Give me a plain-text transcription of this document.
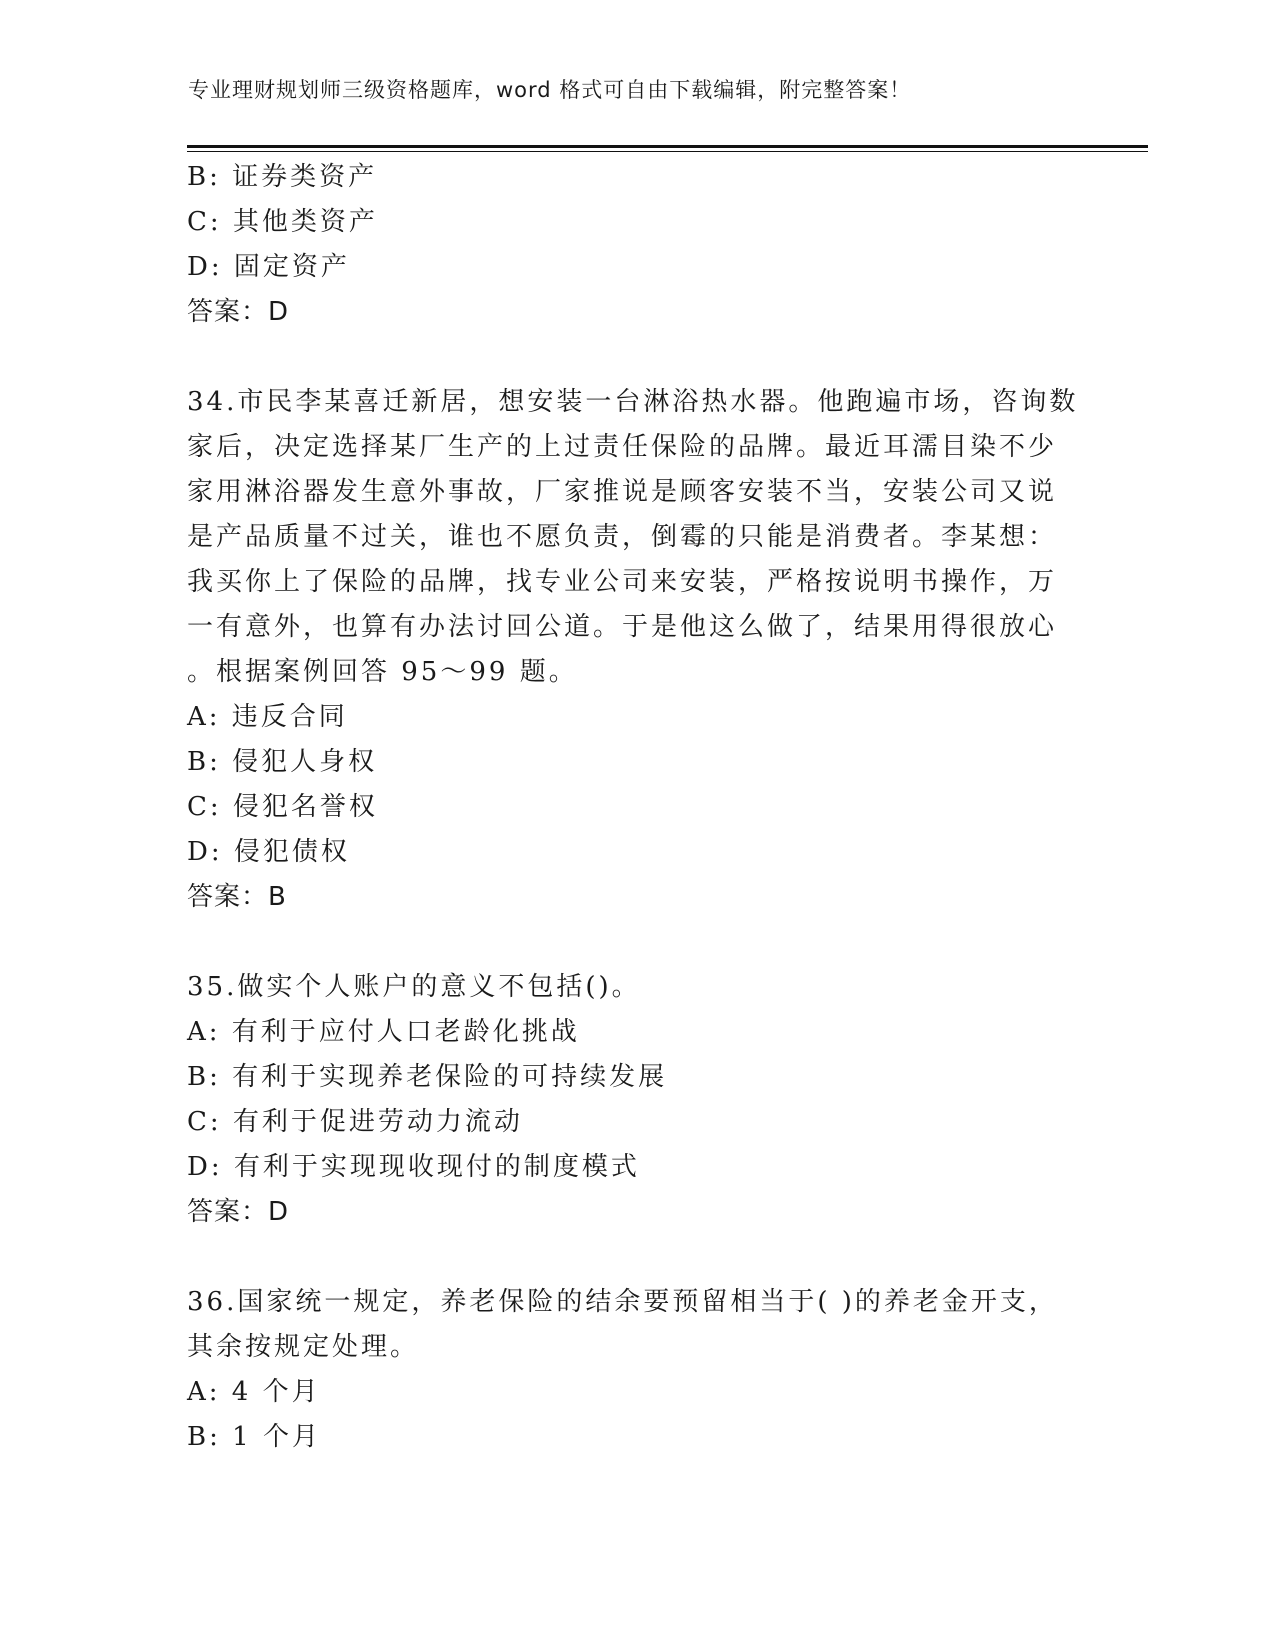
专业理财规划师三级资格题库，word 格式可自由下载编辑，附完整答案！
B: 证券类资产
C: 其他类资产
D: 固定资产
答案：D
34.市民李某喜迁新居，想安装一台淋浴热水器。他跑遍市场，咨询数
家后，决定选择某厂生产的上过责任保险的品牌。最近耳濡目染不少
家用淋浴器发生意外事故，厂家推说是顾客安装不当，安装公司又说
是产品质量不过关，谁也不愿负责，倒霉的只能是消费者。李某想：
我买你上了保险的品牌，找专业公司来安装，严格按说明书操作，万
一有意外，也算有办法讨回公道。于是他这么做了，结果用得很放心
。根据案例回答 95～99 题。
A: 违反合同
B: 侵犯人身权
C: 侵犯名誉权
D: 侵犯债权
答案：B
35.做实个人账户的意义不包括()。
A: 有利于应付人口老龄化挑战
B: 有利于实现养老保险的可持续发展
C: 有利于促进劳动力流动
D: 有利于实现现收现付的制度模式
答案：D
36.国家统一规定，养老保险的结余要预留相当于( )的养老金开支，
其余按规定处理。
A: 4 个月
B: 1 个月
